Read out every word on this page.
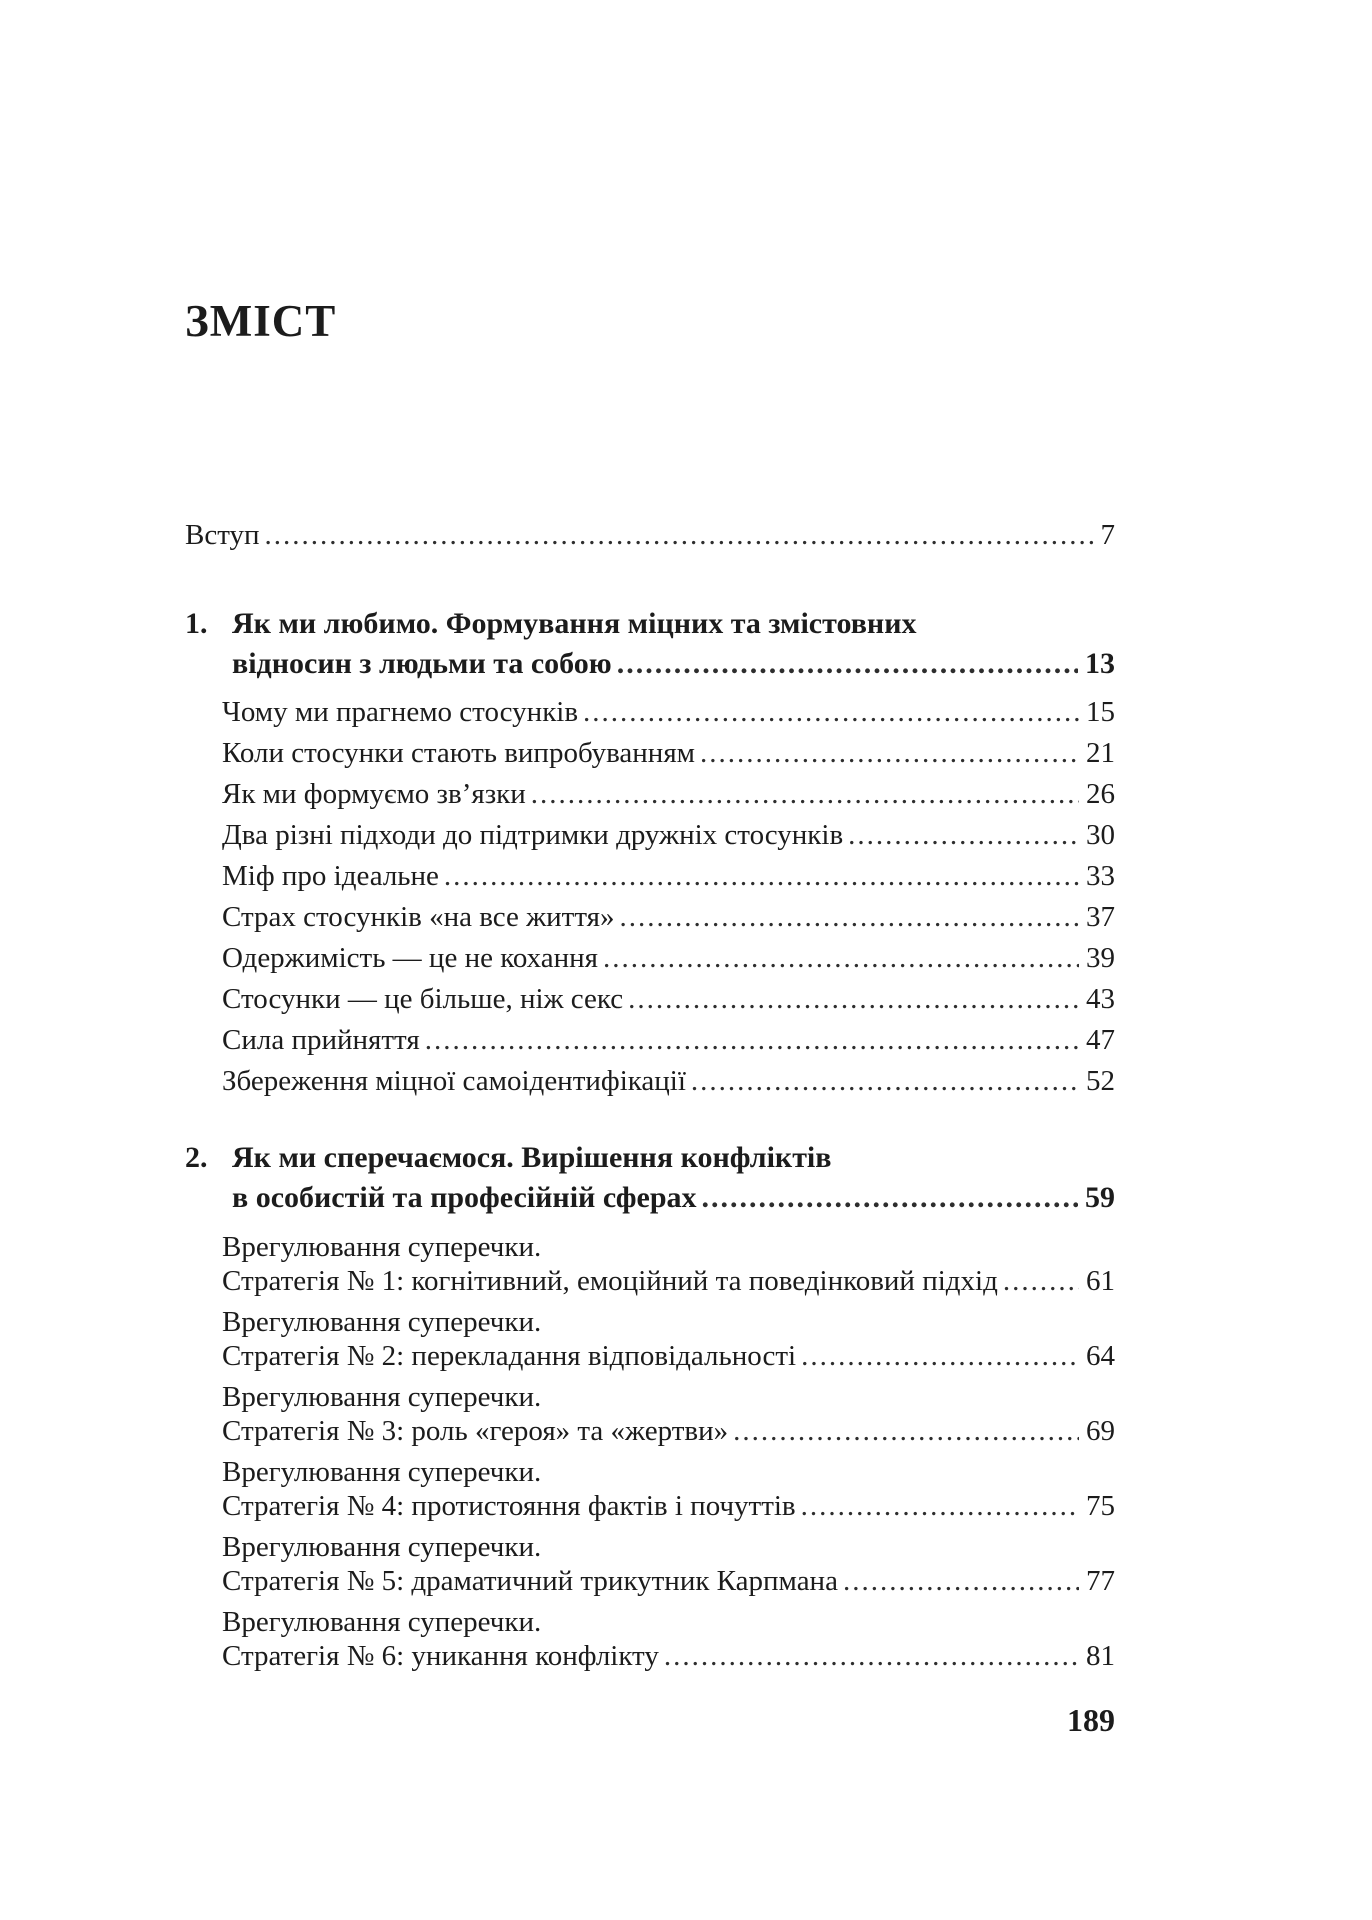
ЗМІСТ
Вступ .....	7
1. Як ми любимо. Формування міцних та змістовних
відносин з людьми та собою .....	13
Чому ми прагнемо стосунків .....	15
Коли стосунки стають випробуванням .....	21
Як ми формуємо зв’язки .....	26
Два різні підходи до підтримки дружніх стосунків .....	30
Міф про ідеальне .....	33
Страх стосунків «на все життя» .....	37
Одержимість — це не кохання .....	39
Стосунки — це більше, ніж секс .....	43
Сила прийняття .....	47
Збереження міцної самоідентифікації .....	52
2. Як ми сперечаємося. Вирішення конфліктів
в особистій та професійній сферах .....	59
Врегулювання суперечки.
Стратегія № 1: когнітивний, емоційний та поведінковий підхід .....	61
Врегулювання суперечки.
Стратегія № 2: перекладання відповідальності .....	64
Врегулювання суперечки.
Стратегія № 3: роль «героя» та «жертви» .....	69
Врегулювання суперечки.
Стратегія № 4: протистояння фактів і почуттів .....	75
Врегулювання суперечки.
Стратегія № 5: драматичний трикутник Карпмана .....	77
Врегулювання суперечки.
Стратегія № 6: уникання конфлікту .....	81
189
